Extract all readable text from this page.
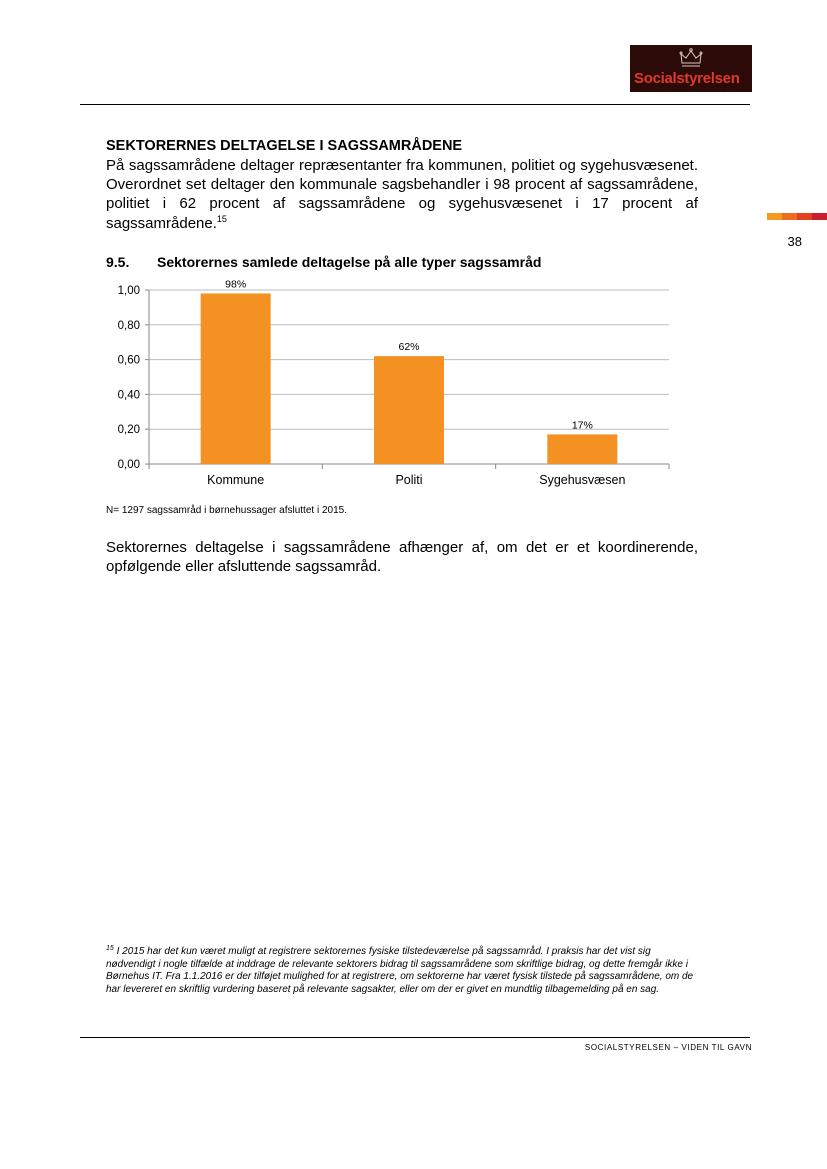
Socialstyrelsen
38
SEKTORERNES DELTAGELSE I SAGSSAMRÅDENE

På sagssamrådene deltager repræsentanter fra kommunen, politiet og sygehusvæsenet. Overordnet set deltager den kommunale sagsbehandler i 98 procent af sagssamrådene, politiet i 62 procent af sagssamrådene og sygehusvæsenet i 17 procent af sagssamrådene.$^{15}$

9.5. Sektorernes samlede deltagelse på alle typer sagssamråd
0,00
0,20
0,40
0,60
0,80
1,00
98%
Kommune
62%
Politi
17%
Sygehusvæsen
N= 1297 sagssamråd i børnehussager afsluttet i 2015.

Sektorernes deltagelse i sagssamrådene afhænger af, om det er et koordinerende, opfølgende eller afsluttende sagssamråd.

$^{15}$ I 2015 har det kun været muligt at registrere sektorernes fysiske tilstedeværelse på sagssamråd. I praksis har det vist sig nødvendigt i nogle tilfælde at inddrage de relevante sektorers bidrag til sagssamrådene som skriftlige bidrag, og dette fremgår ikke i Børnehus IT. Fra 1.1.2016 er der tilføjet mulighed for at registrere, om sektorerne har været fysisk tilstede på sagssamrådene, om de har levereret en skriftlig vurdering baseret på relevante sagsakter, eller om der er givet en mundtlig tilbagemelding på en sag.

SOCIALSTYRELSEN – VIDEN TIL GAVN
